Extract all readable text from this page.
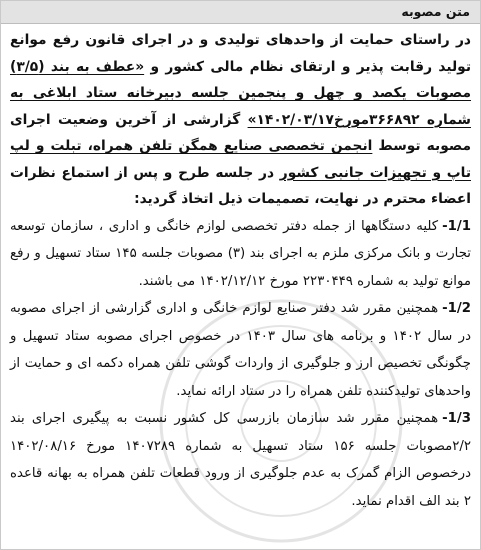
متن مصوبه

در راستای حمایت از واحدهای تولیدی و در اجرای قانون رفع موانع تولید رقابت پذیر و ارتقای نظام مالی کشور و «عطف به بند (۳/۵) مصوبات یکصد و چهل و پنجمین جلسه دبیرخانه ستاد ابلاغی به شماره ۳۶۶۸۹۲مورخ۱۴۰۲/۰۳/۱۷» گزارشی از آخرین وضعیت اجرای مصوبه توسط انجمن تخصصی صنایع همگن تلفن همراه، تبلت و لپ تاپ و تجهیزات جانبی کشور در جلسه طرح و پس از استماع نظرات اعضاء محترم در نهایت، تصمیمات ذیل اتخاذ گردید:

1/1-کلیه دستگاهها از جمله دفتر تخصصی لوازم خانگی و اداری ، سازمان توسعه تجارت و بانک مرکزی ملزم به اجرای بند (۳) مصوبات جلسه ۱۴۵ ستاد تسهیل و رفع موانع تولید به شماره ۲۲۳۰۴۴۹ مورخ ۱۴۰۲/۱۲/۱۲ می باشند.

1/2-همچنین مقرر شد دفتر صنایع لوازم خانگی و اداری گزارشی از اجرای مصوبه در سال ۱۴۰۲ و برنامه های سال ۱۴۰۳ در خصوص اجرای مصوبه ستاد تسهیل و چگونگی تخصیص ارز و جلوگیری از واردات گوشی تلفن همراه دکمه ای و حمایت از واحدهای تولیدکننده تلفن همراه را در ستاد ارائه نماید.

1/3-همچنین مقرر شد سازمان بازرسی کل کشور نسبت به پیگیری اجرای بند ۲/۲مصوبات جلسه ۱۵۶ ستاد تسهیل به شماره ۱۴۰۷۲۸۹ مورخ ۱۴۰۲/۰۸/۱۶ درخصوص الزام گمرک به عدم جلوگیری از ورود قطعات تلفن همراه به بهانه قاعده ۲ بند الف اقدام نماید.
